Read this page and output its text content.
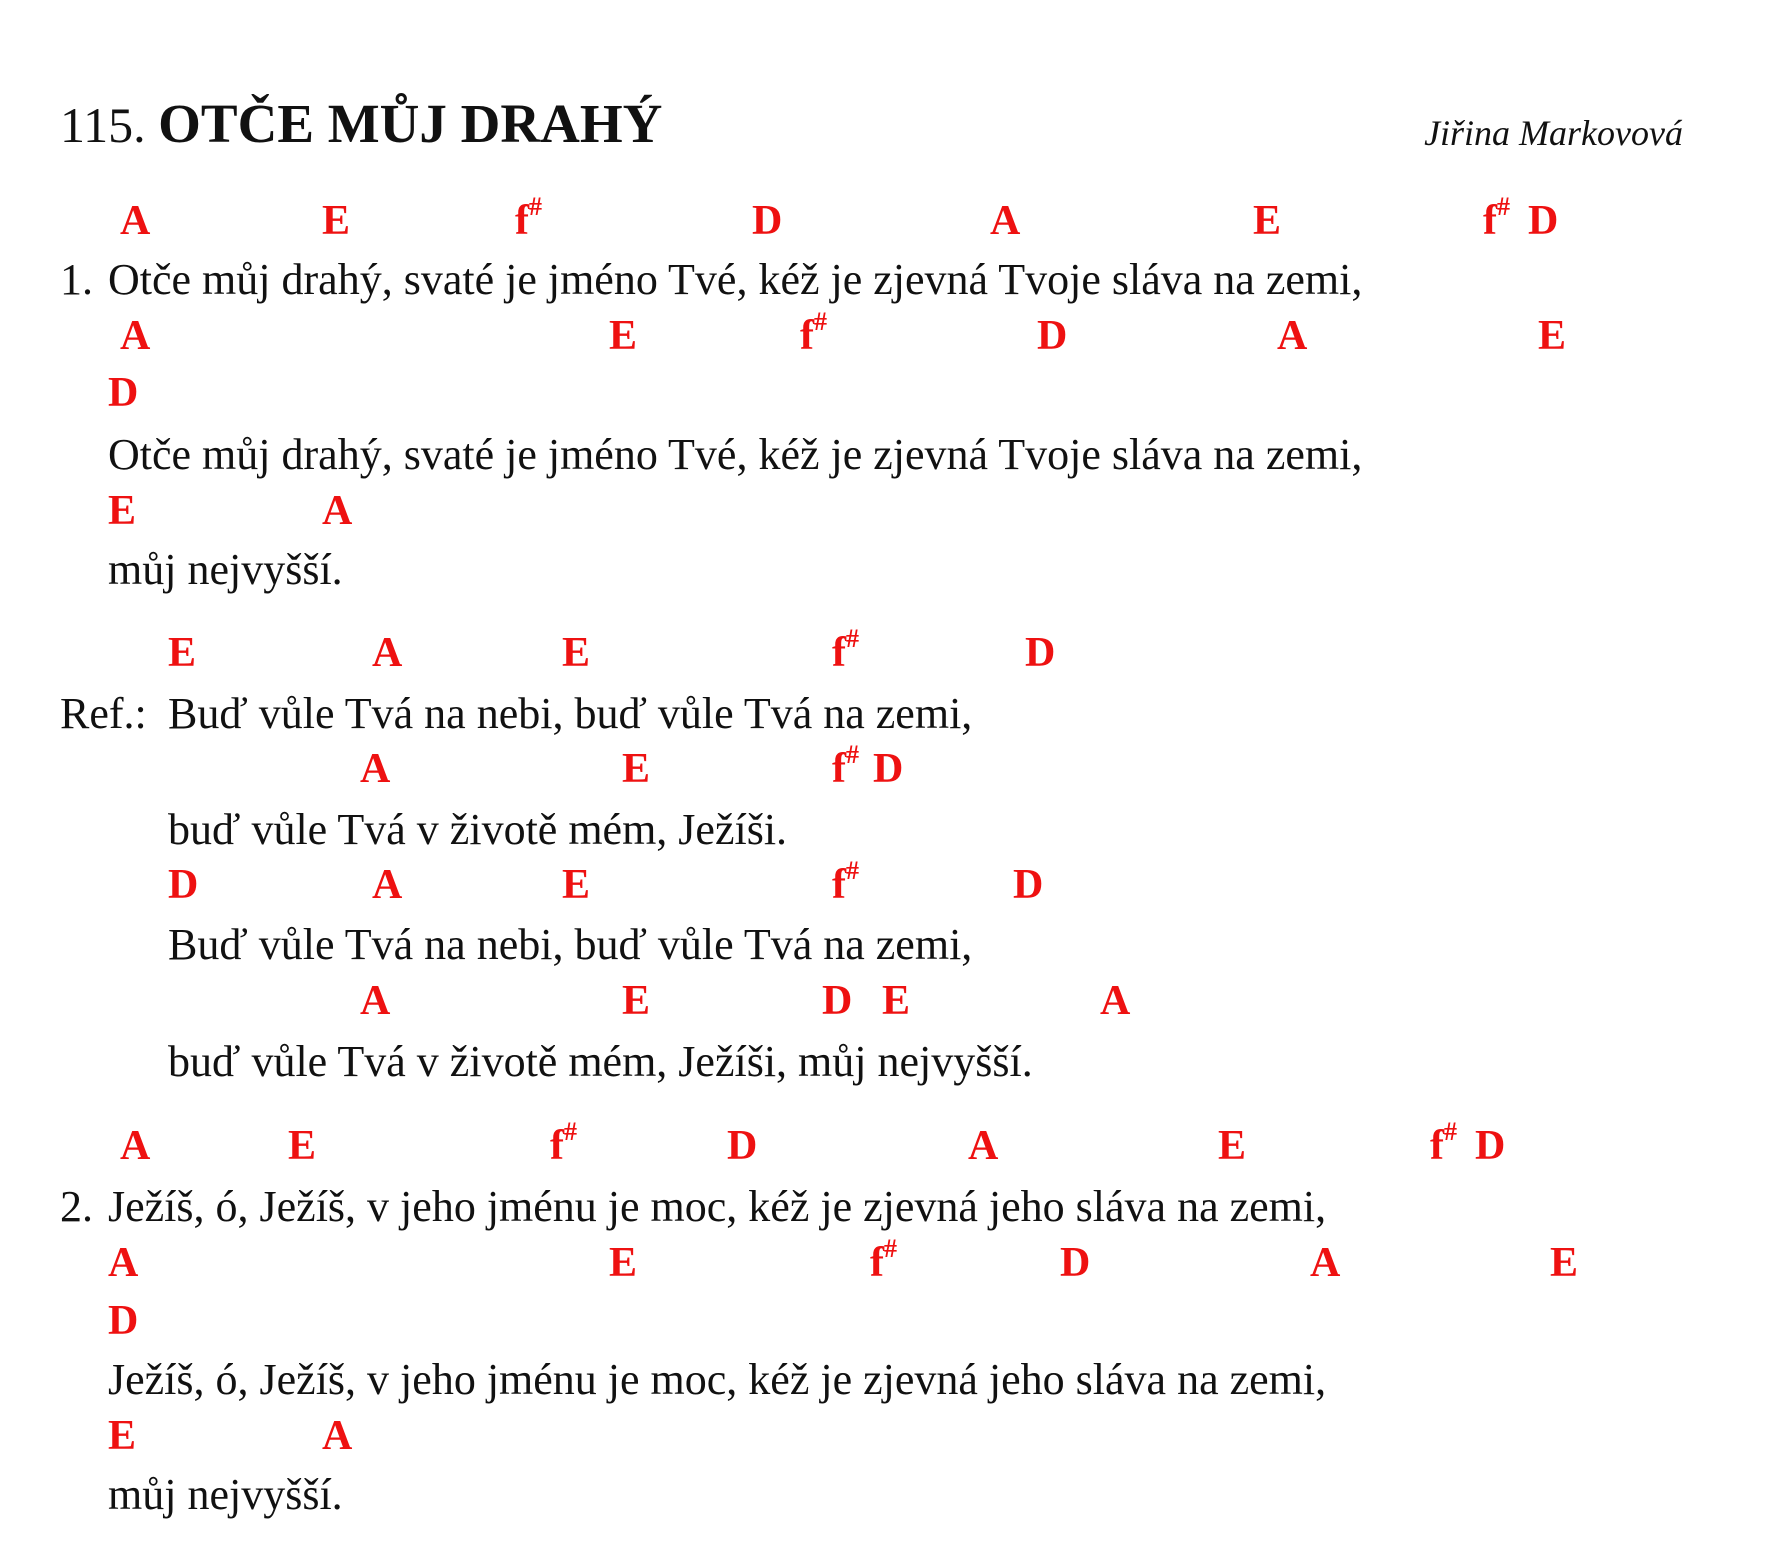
115. OTČE MŮJ DRAHÝ	Jiřina Markovová
A	E	f#	D	A	E	f# D
1. Otče můj drahý, svaté je jméno Tvé, kéž je zjevná Tvoje sláva na zemi,
A	E	f#	D	A	E
D
Otče můj drahý, svaté je jméno Tvé, kéž je zjevná Tvoje sláva na zemi,
E	A
můj nejvyšší.
E	A	E	f#	D
Ref.: Buď vůle Tvá na nebi, buď vůle Tvá na zemi,
A	E	f# D
buď vůle Tvá v životě mém, Ježíši.
D	A	E	f#	D
Buď vůle Tvá na nebi, buď vůle Tvá na zemi,
A	E	D E	A
buď vůle Tvá v životě mém, Ježíši, můj nejvyšší.
A	E	f#	D	A	E	f# D
2. Ježíš, ó, Ježíš, v jeho jménu je moc, kéž je zjevná jeho sláva na zemi,
A	E	f#	D	A	E
D
Ježíš, ó, Ježíš, v jeho jménu je moc, kéž je zjevná jeho sláva na zemi,
E	A
můj nejvyšší.
